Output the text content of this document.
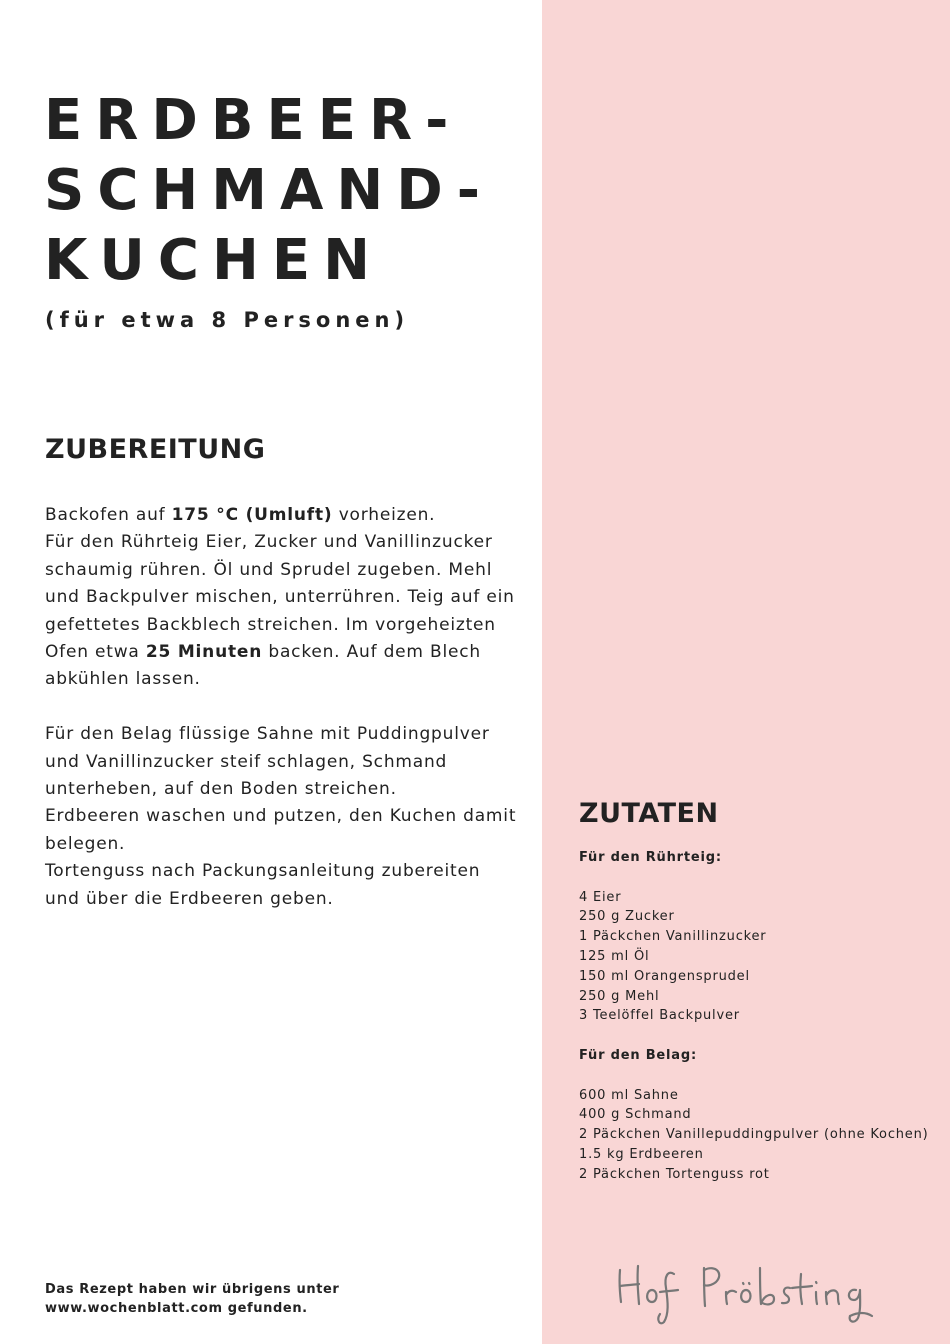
ERDBEER-
SCHMAND-
KUCHEN
(für etwa 8 Personen)
ZUBEREITUNG

Backofen auf 175 °C (Umluft) vorheizen.
Für den Rührteig Eier, Zucker und Vanillinzucker
schaumig rühren. Öl und Sprudel zugeben. Mehl
und Backpulver mischen, unterrühren. Teig auf ein
gefettetes Backblech streichen. Im vorgeheizten
Ofen etwa 25 Minuten backen. Auf dem Blech
abkühlen lassen.

Für den Belag flüssige Sahne mit Puddingpulver
und Vanillinzucker steif schlagen, Schmand
unterheben, auf den Boden streichen.
Erdbeeren waschen und putzen, den Kuchen damit
belegen.
Tortenguss nach Packungsanleitung zubereiten
und über die Erdbeeren geben.

ZUTATEN
Für den Rührteig:
4 Eier
250 g Zucker
1 Päckchen Vanillinzucker
125 ml Öl
150 ml Orangensprudel
250 g Mehl
3 Teelöffel Backpulver
Für den Belag:
600 ml Sahne
400 g Schmand
2 Päckchen Vanillepuddingpulver (ohne Kochen)
1.5 kg Erdbeeren
2 Päckchen Tortenguss rot
Das Rezept haben wir übrigens unter
www.wochenblatt.com gefunden.
